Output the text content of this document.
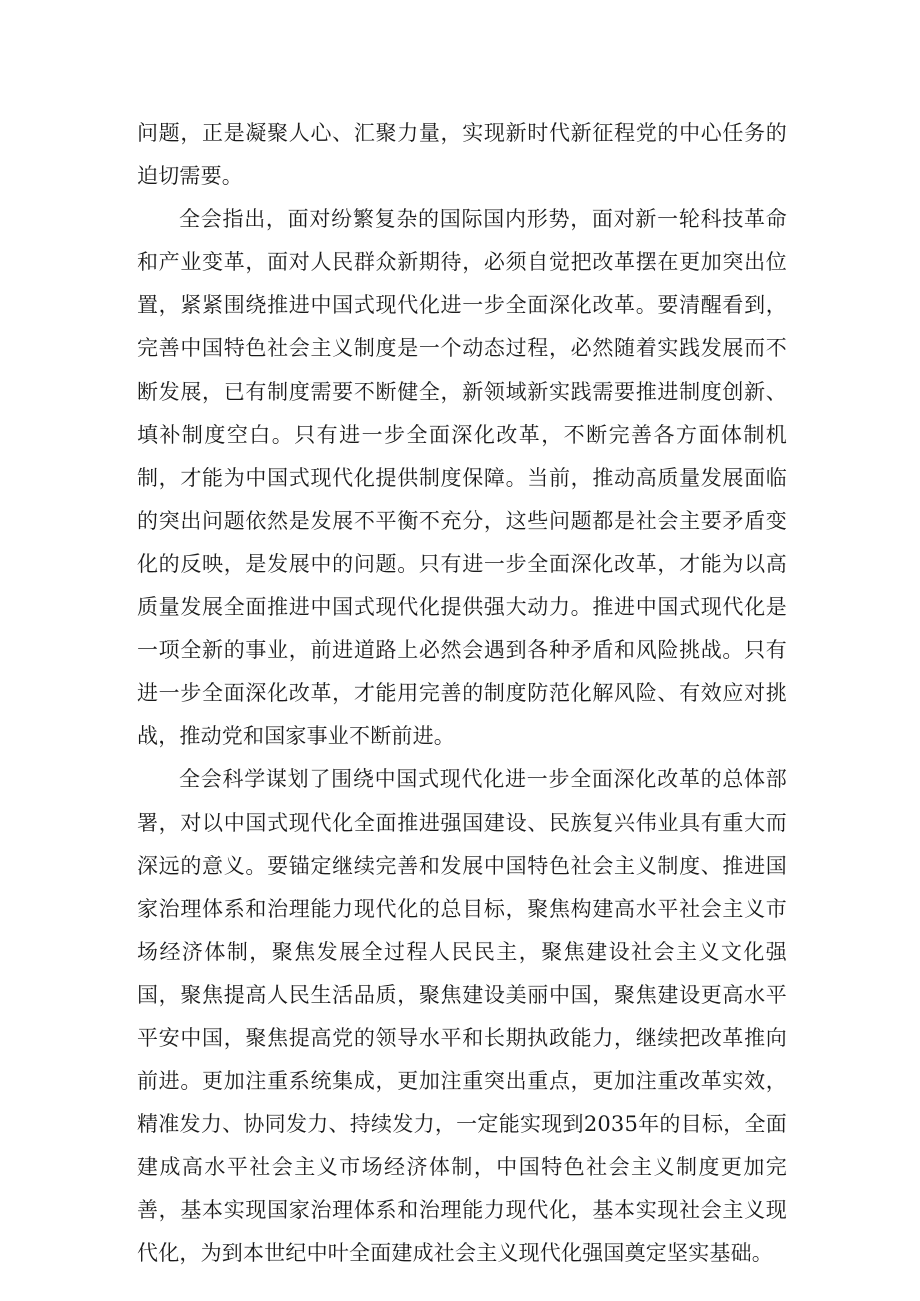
问题，正是凝聚人心、汇聚力量，实现新时代新征程党的中心任务的迫切需要。

全会指出，面对纷繁复杂的国际国内形势，面对新一轮科技革命和产业变革，面对人民群众新期待，必须自觉把改革摆在更加突出位置，紧紧围绕推进中国式现代化进一步全面深化改革。要清醒看到，完善中国特色社会主义制度是一个动态过程，必然随着实践发展而不断发展，已有制度需要不断健全，新领域新实践需要推进制度创新、填补制度空白。只有进一步全面深化改革，不断完善各方面体制机制，才能为中国式现代化提供制度保障。当前，推动高质量发展面临的突出问题依然是发展不平衡不充分，这些问题都是社会主要矛盾变化的反映，是发展中的问题。只有进一步全面深化改革，才能为以高质量发展全面推进中国式现代化提供强大动力。推进中国式现代化是一项全新的事业，前进道路上必然会遇到各种矛盾和风险挑战。只有进一步全面深化改革，才能用完善的制度防范化解风险、有效应对挑战，推动党和国家事业不断前进。

全会科学谋划了围绕中国式现代化进一步全面深化改革的总体部署，对以中国式现代化全面推进强国建设、民族复兴伟业具有重大而深远的意义。要锚定继续完善和发展中国特色社会主义制度、推进国家治理体系和治理能力现代化的总目标，聚焦构建高水平社会主义市场经济体制，聚焦发展全过程人民民主，聚焦建设社会主义文化强国，聚焦提高人民生活品质，聚焦建设美丽中国，聚焦建设更高水平平安中国，聚焦提高党的领导水平和长期执政能力，继续把改革推向前进。更加注重系统集成，更加注重突出重点，更加注重改革实效，精准发力、协同发力、持续发力，一定能实现到2035年的目标，全面建成高水平社会主义市场经济体制，中国特色社会主义制度更加完善，基本实现国家治理体系和治理能力现代化，基本实现社会主义现代化，为到本世纪中叶全面建成社会主义现代化强国奠定坚实基础。
